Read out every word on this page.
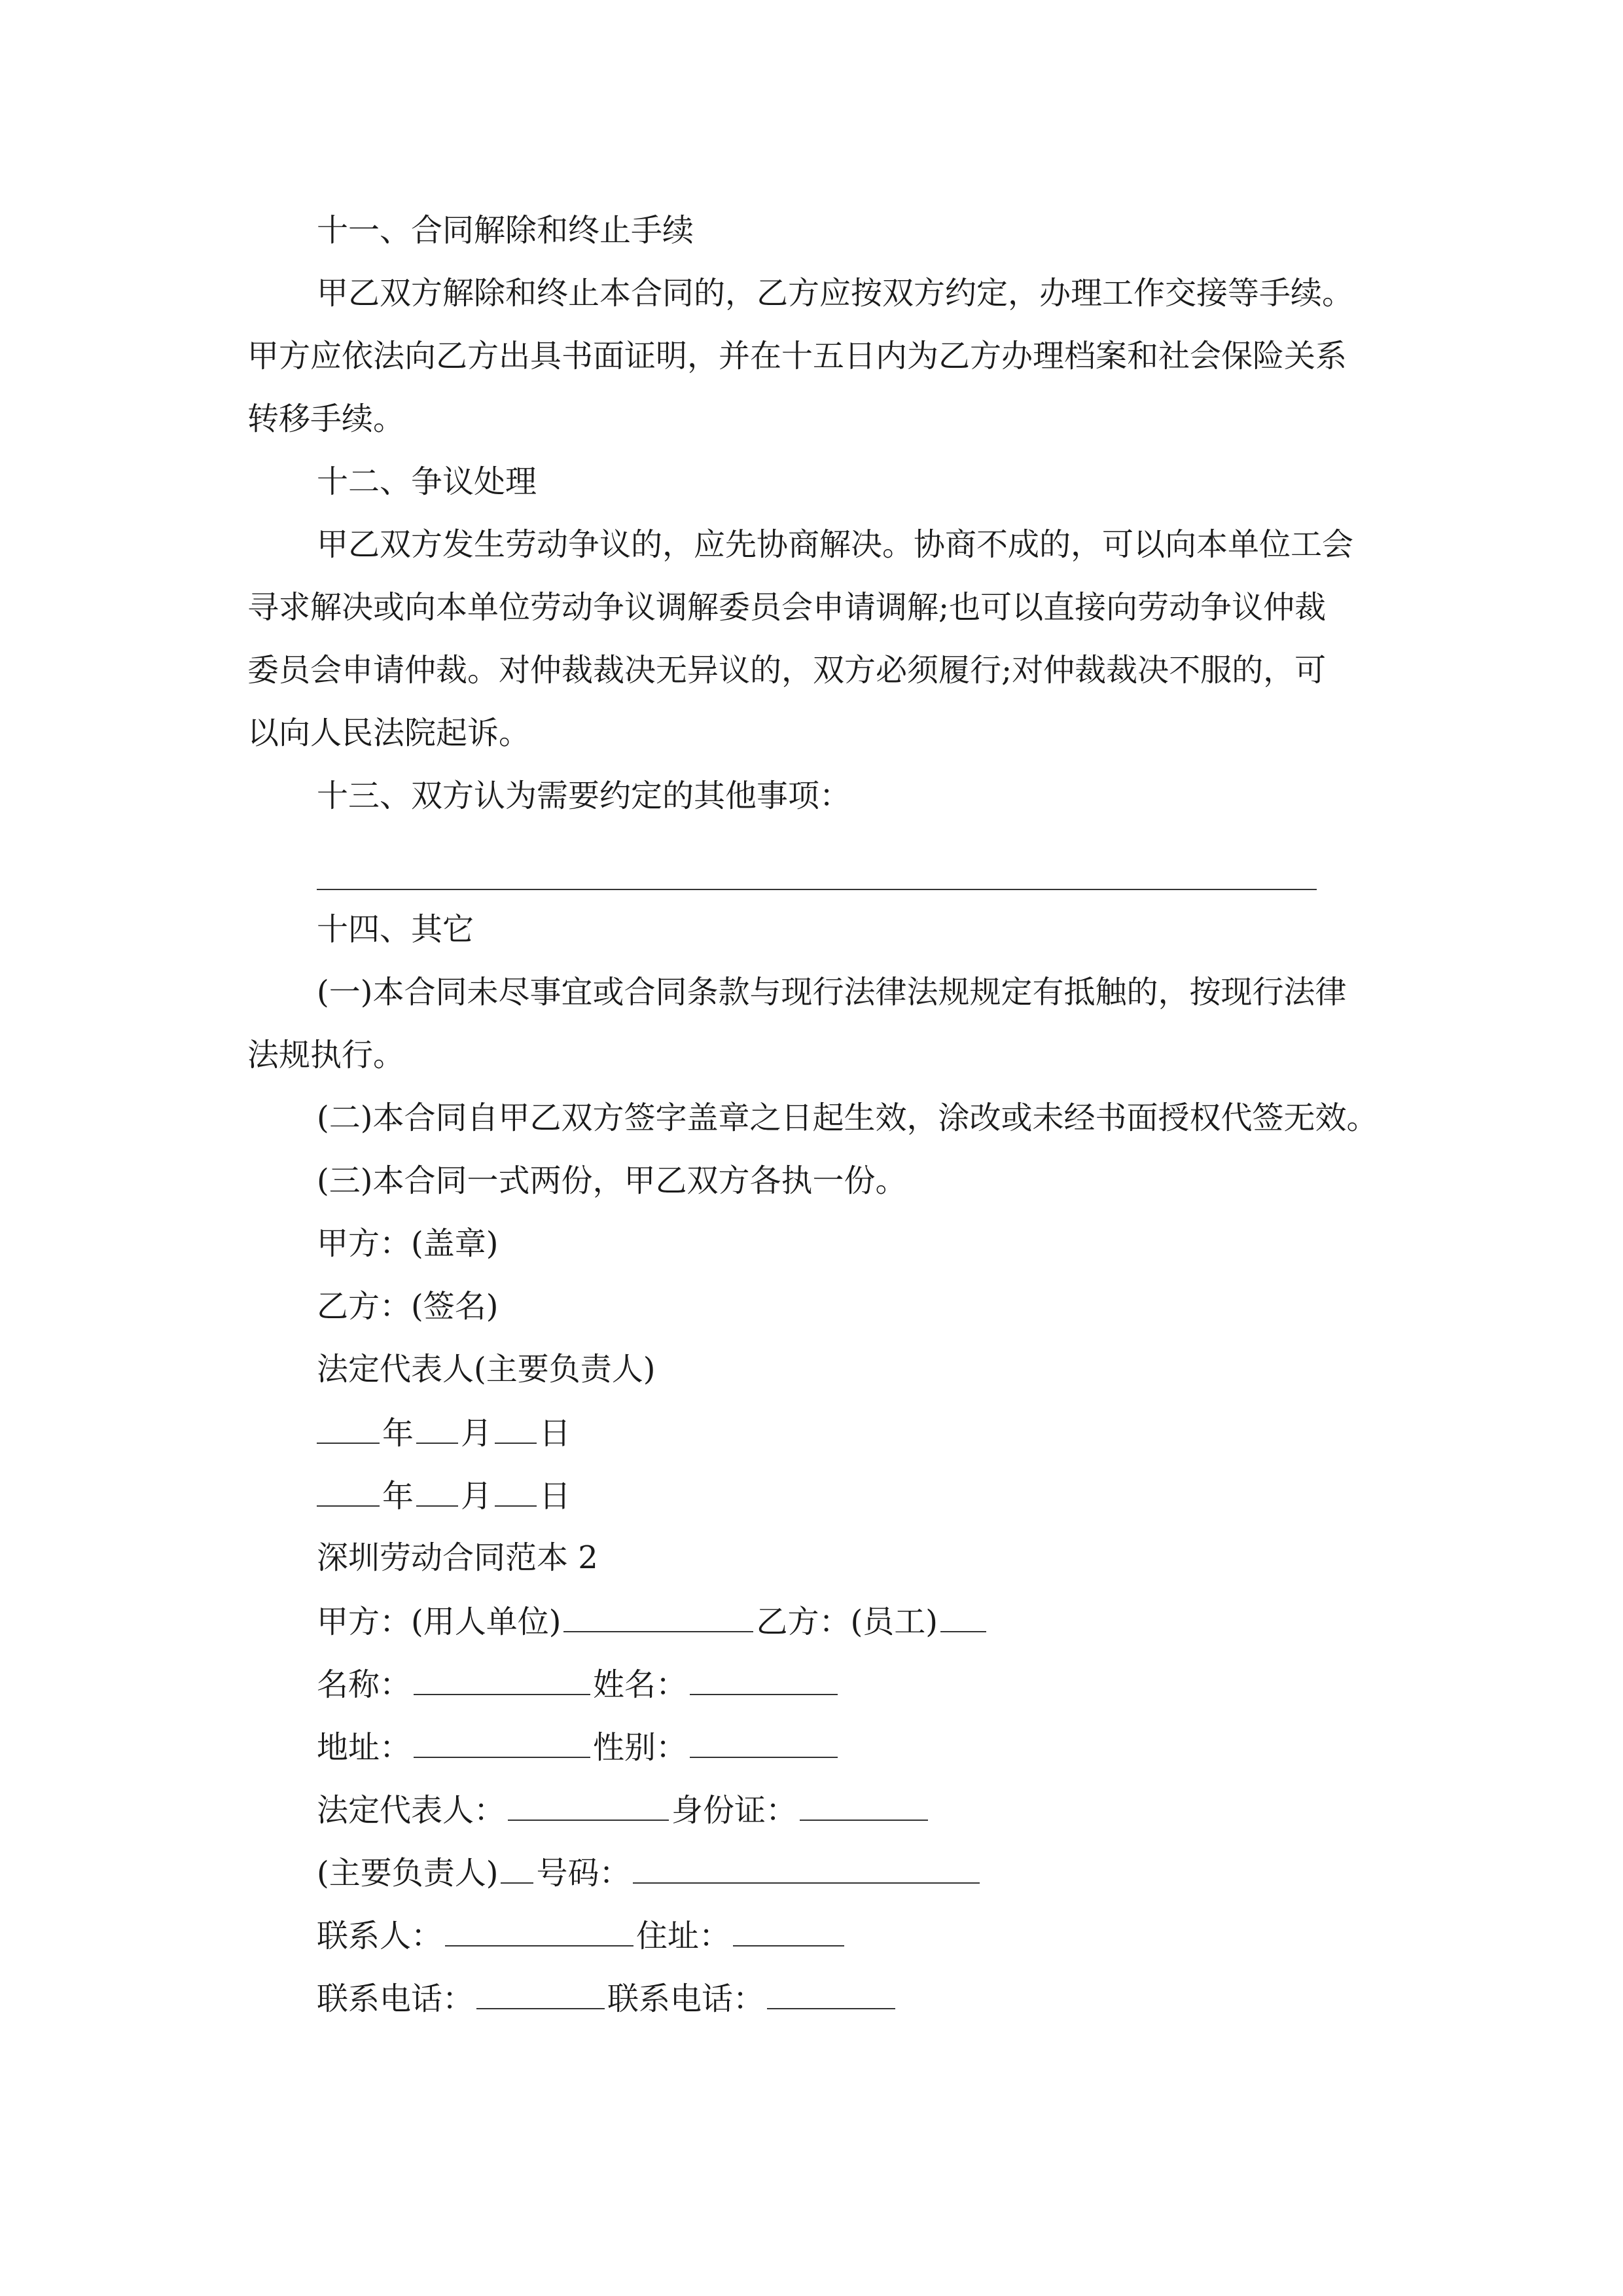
十一、合同解除和终止手续

甲乙双方解除和终止本合同的，乙方应按双方约定，办理工作交接等手续。

甲方应依法向乙方出具书面证明，并在十五日内为乙方办理档案和社会保险关系

转移手续。

十二、争议处理

甲乙双方发生劳动争议的，应先协商解决。协商不成的，可以向本单位工会

寻求解决或向本单位劳动争议调解委员会申请调解;也可以直接向劳动争议仲裁

委员会申请仲裁。对仲裁裁决无异议的，双方必须履行;对仲裁裁决不服的，可

以向人民法院起诉。

十三、双方认为需要约定的其他事项：

十四、其它

(一)本合同未尽事宜或合同条款与现行法律法规规定有抵触的，按现行法律

法规执行。

(二)本合同自甲乙双方签字盖章之日起生效，涂改或未经书面授权代签无效。

(三)本合同一式两份，甲乙双方各执一份。

甲方：(盖章)

乙方：(签名)

法定代表人(主要负责人)

年 月 日

年 月 日

深圳劳动合同范本 2

甲方：(用人单位)	乙方：(员工)

名称：	姓名：

地址：	性别：

法定代表人：	身份证：

(主要负责人) 号码：

联系人：	住址：

联系电话：	联系电话：
